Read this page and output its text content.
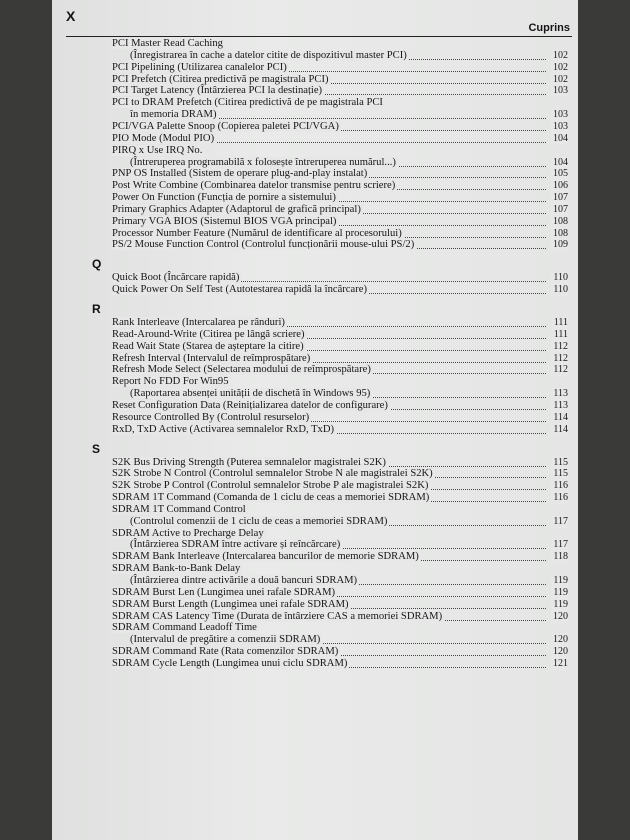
X
Cuprins
PCI Master Read Caching
(Înregistrarea în cache a datelor citite de dispozitivul master PCI)	102
PCI Pipelining (Utilizarea canalelor PCI)	102
PCI Prefetch (Citirea predictivă pe magistrala PCI)	102
PCI Target Latency (Întârzierea PCI la destinație)	103
PCI to DRAM Prefetch (Citirea predictivă de pe magistrala PCI
în memoria DRAM)	103
PCI/VGA Palette Snoop (Copierea paletei PCI/VGA)	103
PIO Mode (Modul PIO)	104
PIRQ x Use IRQ No.
(Întreruperea programabilă x folosește întreruperea numărul...)	104
PNP OS Installed (Sistem de operare plug-and-play instalat)	105
Post Write Combine (Combinarea datelor transmise pentru scriere)	106
Power On Function (Funcția de pornire a sistemului)	107
Primary Graphics Adapter (Adaptorul de grafică principal)	107
Primary VGA BIOS (Sistemul BIOS VGA principal)	108
Processor Number Feature (Numărul de identificare al procesorului)	108
PS/2 Mouse Function Control (Controlul funcționării mouse-ului PS/2)	109
Q
Quick Boot (Încărcare rapidă)	110
Quick Power On Self Test (Autotestarea rapidă la încărcare)	110
R
Rank Interleave (Intercalarea pe rânduri)	111
Read-Around-Write (Citirea pe lângă scriere)	111
Read Wait State (Starea de așteptare la citire)	112
Refresh Interval (Intervalul de reîmprospătare)	112
Refresh Mode Select (Selectarea modului de reîmprospătare)	112
Report No FDD For Win95
(Raportarea absenței unității de dischetă în Windows 95)	113
Reset Configuration Data (Reinițializarea datelor de configurare)	113
Resource Controlled By (Controlul resurselor)	114
RxD, TxD Active (Activarea semnalelor RxD, TxD)	114
S
S2K Bus Driving Strength (Puterea semnalelor magistralei S2K)	115
S2K Strobe N Control (Controlul semnalelor Strobe N ale magistralei S2K)	115
S2K Strobe P Control (Controlul semnalelor Strobe P ale magistralei S2K)	116
SDRAM 1T Command (Comanda de 1 ciclu de ceas a memoriei SDRAM)	116
SDRAM 1T Command Control
(Controlul comenzii de 1 ciclu de ceas a memoriei SDRAM)	117
SDRAM Active to Precharge Delay
(Întârzierea SDRAM între activare și reîncărcare)	117
SDRAM Bank Interleave (Intercalarea bancurilor de memorie SDRAM)	118
SDRAM Bank-to-Bank Delay
(Întârzierea dintre activările a două bancuri SDRAM)	119
SDRAM Burst Len (Lungimea unei rafale SDRAM)	119
SDRAM Burst Length (Lungimea unei rafale SDRAM)	119
SDRAM CAS Latency Time (Durata de întârziere CAS a memoriei SDRAM)	120
SDRAM Command Leadoff Time
(Intervalul de pregătire a comenzii SDRAM)	120
SDRAM Command Rate (Rata comenzilor SDRAM)	120
SDRAM Cycle Length (Lungimea unui ciclu SDRAM)	121
